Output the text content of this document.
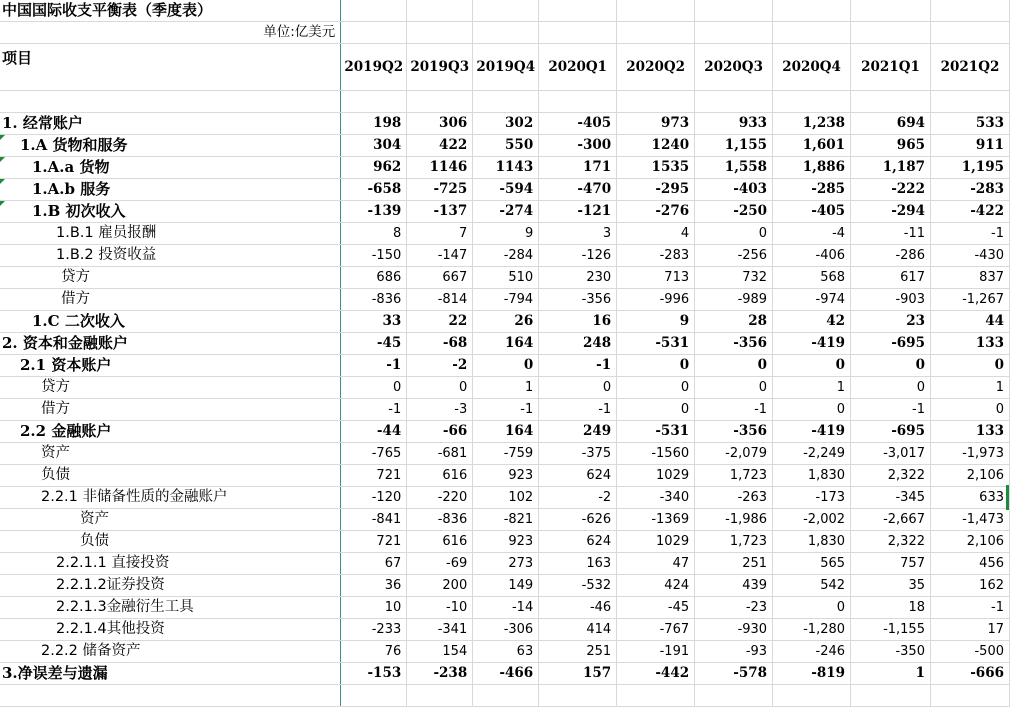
中国国际收支平衡表（季度表）									
单位:亿美元									
项目	2019Q2	2019Q3	2019Q4	2020Q1	2020Q2	2020Q3	2020Q4	2021Q1	2021Q2

1. 经常账户	198	306	302	-405	973	933	1,238	694	533

1.A 货物和服务	304	422	550	-300	1240	1,155	1,601	965	911

1.A.a 货物	962	1146	1143	171	1535	1,558	1,886	1,187	1,195

1.A.b 服务	-658	-725	-594	-470	-295	-403	-285	-222	-283

1.B 初次收入	-139	-137	-274	-121	-276	-250	-405	-294	-422
1.B.1 雇员报酬	8	7	9	3	4	0	-4	-11	-1
1.B.2 投资收益	-150	-147	-284	-126	-283	-256	-406	-286	-430
贷方	686	667	510	230	713	732	568	617	837
借方	-836	-814	-794	-356	-996	-989	-974	-903	-1,267
1.C 二次收入	33	22	26	16	9	28	42	23	44
2. 资本和金融账户	-45	-68	164	248	-531	-356	-419	-695	133
2.1 资本账户	-1	-2	0	-1	0	0	0	0	0
贷方	0	0	1	0	0	0	1	0	1
借方	-1	-3	-1	-1	0	-1	0	-1	0
2.2 金融账户	-44	-66	164	249	-531	-356	-419	-695	133
资产	-765	-681	-759	-375	-1560	-2,079	-2,249	-3,017	-1,973
负债	721	616	923	624	1029	1,723	1,830	2,322	2,106
2.2.1 非储备性质的金融账户	-120	-220	102	-2	-340	-263	-173	-345	633
资产	-841	-836	-821	-626	-1369	-1,986	-2,002	-2,667	-1,473
负债	721	616	923	624	1029	1,723	1,830	2,322	2,106
2.2.1.1 直接投资	67	-69	273	163	47	251	565	757	456
2.2.1.2证券投资	36	200	149	-532	424	439	542	35	162
2.2.1.3金融衍生工具	10	-10	-14	-46	-45	-23	0	18	-1
2.2.1.4其他投资	-233	-341	-306	414	-767	-930	-1,280	-1,155	17
2.2.2 储备资产	76	154	63	251	-191	-93	-246	-350	-500
3.净误差与遗漏	-153	-238	-466	157	-442	-578	-819	1	-666
